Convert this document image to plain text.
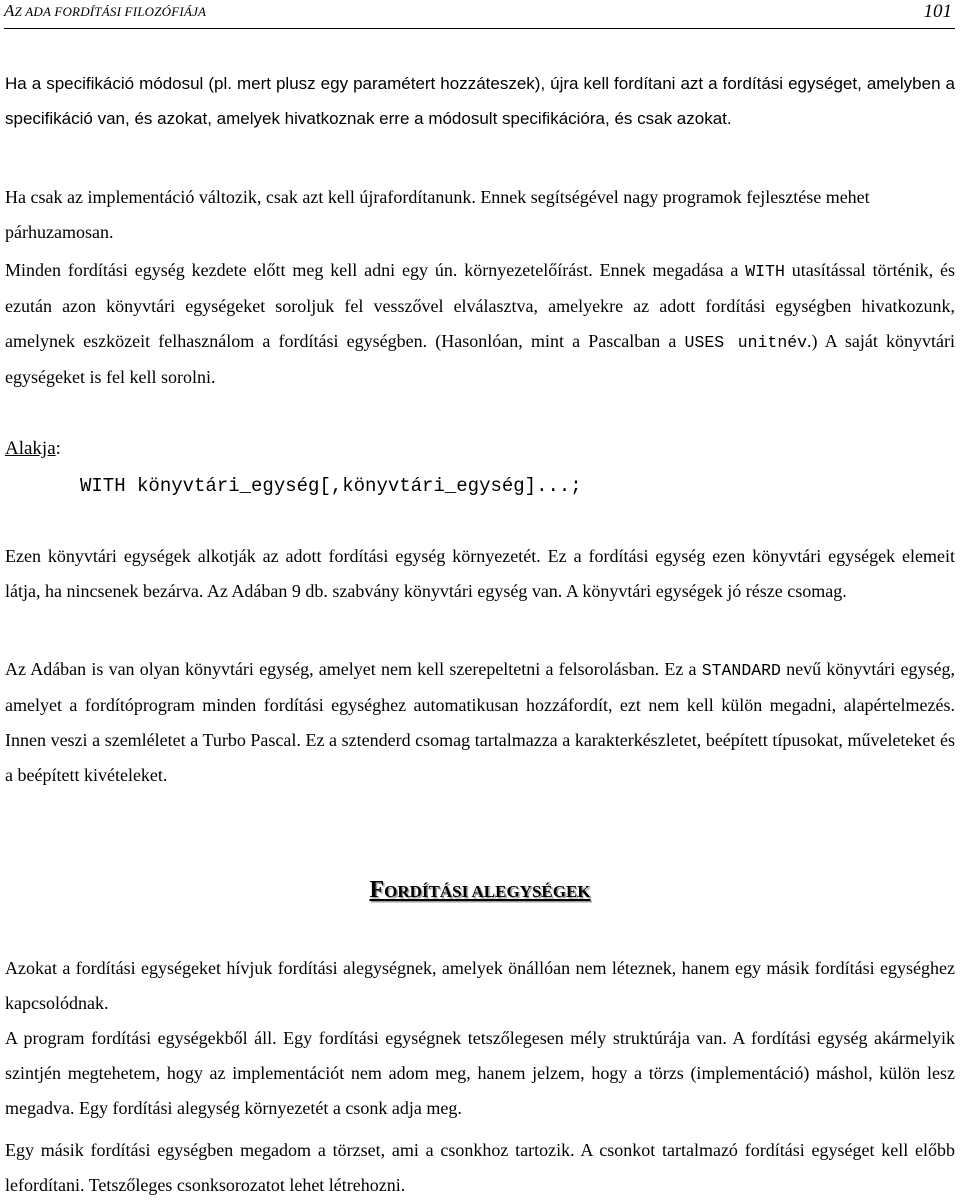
AZ ADA FORDÍTÁSI FILOZÓFIÁJA	101

Ha a specifikáció módosul (pl. mert plusz egy paramétert hozzáteszek), újra kell fordítani azt a fordítási egységet, amelyben a specifikáció van, és azokat, amelyek hivatkoznak erre a módosult specifikációra, és csak azokat.

Ha csak az implementáció változik, csak azt kell újrafordítanunk. Ennek segítségével nagy programok fejlesztése mehet párhuzamosan.

Minden fordítási egység kezdete előtt meg kell adni egy ún. környezetelőírást. Ennek megadása a WITH utasítással történik, és ezután azon könyvtári egységeket soroljuk fel vesszővel elválasztva, amelyekre az adott fordítási egységben hivatkozunk, amelynek eszközeit felhasználom a fordítási egységben. (Hasonlóan, mint a Pascalban a USES unitnév.) A saját könyvtári egységeket is fel kell sorolni.

Alakja:
WITH könyvtári_egység[,könyvtári_egység]...;

Ezen könyvtári egységek alkotják az adott fordítási egység környezetét. Ez a fordítási egység ezen könyvtári egységek elemeit látja, ha nincsenek bezárva. Az Adában 9 db. szabvány könyvtári egység van. A könyvtári egységek jó része csomag.

Az Adában is van olyan könyvtári egység, amelyet nem kell szerepeltetni a felsorolásban. Ez a STANDARD nevű könyvtári egység, amelyet a fordítóprogram minden fordítási egységhez automatikusan hozzáfordít, ezt nem kell külön megadni, alapértelmezés. Innen veszi a szemléletet a Turbo Pascal. Ez a sztenderd csomag tartalmazza a karakterkészletet, beépített típusokat, műveleteket és a beépített kivételeket.

FORDÍTÁSI ALEGYSÉGEK

Azokat a fordítási egységeket hívjuk fordítási alegységnek, amelyek önállóan nem léteznek, hanem egy másik fordítási egységhez kapcsolódnak.

A program fordítási egységekből áll. Egy fordítási egységnek tetszőlegesen mély struktúrája van. A fordítási egység akármelyik szintjén megtehetem, hogy az implementációt nem adom meg, hanem jelzem, hogy a törzs (implementáció) máshol, külön lesz megadva. Egy fordítási alegység környezetét a csonk adja meg.

Egy másik fordítási egységben megadom a törzset, ami a csonkhoz tartozik. A csonkot tartalmazó fordítási egységet kell előbb lefordítani. Tetszőleges csonksorozatot lehet létrehozni.
